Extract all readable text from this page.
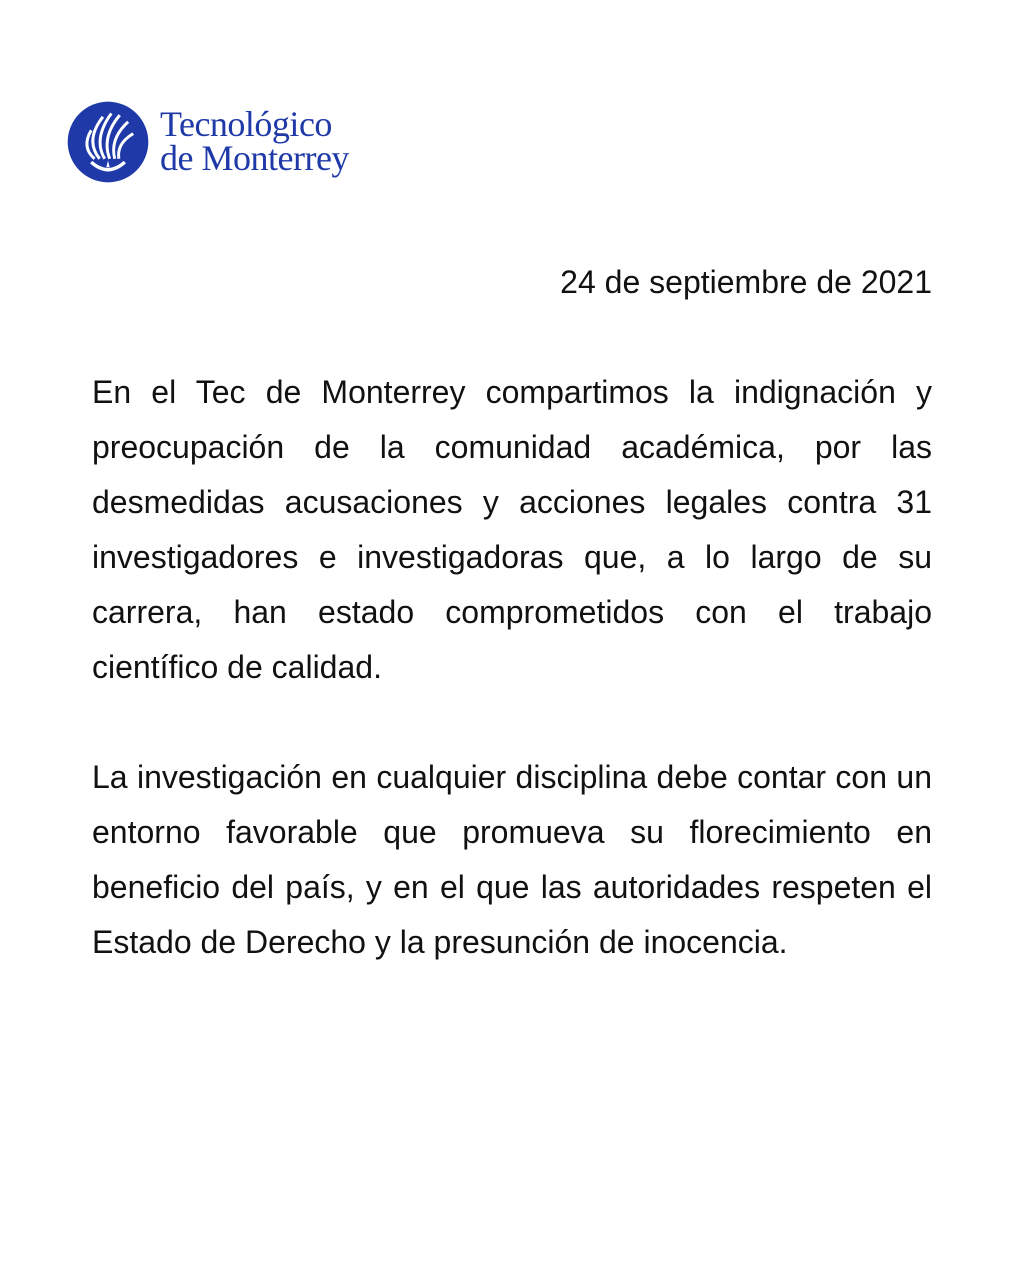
Tecnológico
de Monterrey
24 de septiembre de 2021

En el Tec de Monterrey compartimos la indignación y preocupación de la comunidad académica, por las desmedidas acusaciones y acciones legales contra 31 investigadores e investigadoras que, a lo largo de su carrera, han estado comprometidos con el trabajo científico de calidad.

La investigación en cualquier disciplina debe contar con un entorno favorable que promueva su florecimiento en beneficio del país, y en el que las autoridades respeten el Estado de Derecho y la presunción de inocencia.
